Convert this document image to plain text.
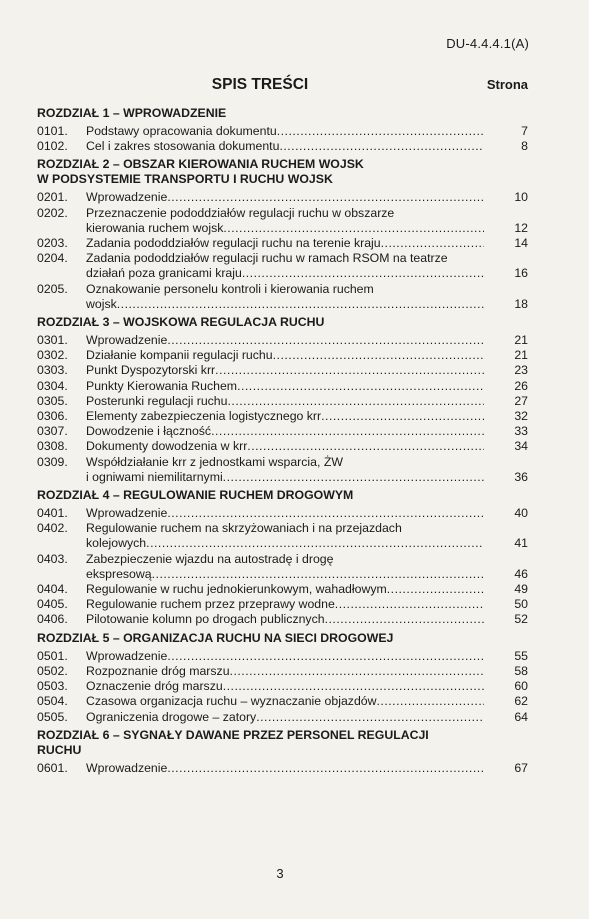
DU-4.4.4.1(A)
SPIS TREŚCI	Strona
ROZDZIAŁ 1 – WPROWADZENIE
0101.	Podstawy opracowania dokumentu .....	7
0102.	Cel i zakres stosowania dokumentu .....	8
ROZDZIAŁ 2 – OBSZAR KIEROWANIA RUCHEM WOJSK
W PODSYSTEMIE TRANSPORTU I RUCHU WOJSK
0201.	Wprowadzenie .....	10
0202.	Przeznaczenie pododdziałów regulacji ruchu w obszarze
kierowania ruchem wojsk .....	12
0203.	Zadania pododdziałów regulacji ruchu na terenie kraju .....	14
0204.	Zadania pododdziałów regulacji ruchu w ramach RSOM na teatrze
działań poza granicami kraju .....	16
0205.	Oznakowanie personelu kontroli i kierowania ruchem
wojsk .....	18
ROZDZIAŁ 3 – WOJSKOWA REGULACJA RUCHU
0301.	Wprowadzenie .....	21
0302.	Działanie kompanii regulacji ruchu .....	21
0303.	Punkt Dyspozytorski krr .....	23
0304.	Punkty Kierowania Ruchem .....	26
0305.	Posterunki regulacji ruchu .....	27
0306.	Elementy zabezpieczenia logistycznego krr .....	32
0307.	Dowodzenie i łączność .....	33
0308.	Dokumenty dowodzenia w krr .....	34
0309.	Współdziałanie krr z jednostkami wsparcia, ŻW
i ogniwami niemilitarnymi .....	36
ROZDZIAŁ 4 – REGULOWANIE RUCHEM DROGOWYM
0401.	Wprowadzenie .....	40
0402.	Regulowanie ruchem na skrzyżowaniach i na przejazdach
kolejowych .....	41
0403.	Zabezpieczenie wjazdu na autostradę i drogę
ekspresową .....	46
0404.	Regulowanie w ruchu jednokierunkowym, wahadłowym .....	49
0405.	Regulowanie ruchem przez przeprawy wodne .....	50
0406.	Pilotowanie kolumn po drogach publicznych .....	52
ROZDZIAŁ 5 – ORGANIZACJA RUCHU NA SIECI DROGOWEJ
0501.	Wprowadzenie .....	55
0502.	Rozpoznanie dróg marszu .....	58
0503.	Oznaczenie dróg marszu .....	60
0504.	Czasowa organizacja ruchu – wyznaczanie objazdów .....	62
0505.	Ograniczenia drogowe – zatory .....	64
ROZDZIAŁ 6 – SYGNAŁY DAWANE PRZEZ PERSONEL REGULACJI
RUCHU
0601.	Wprowadzenie .....	67
3
